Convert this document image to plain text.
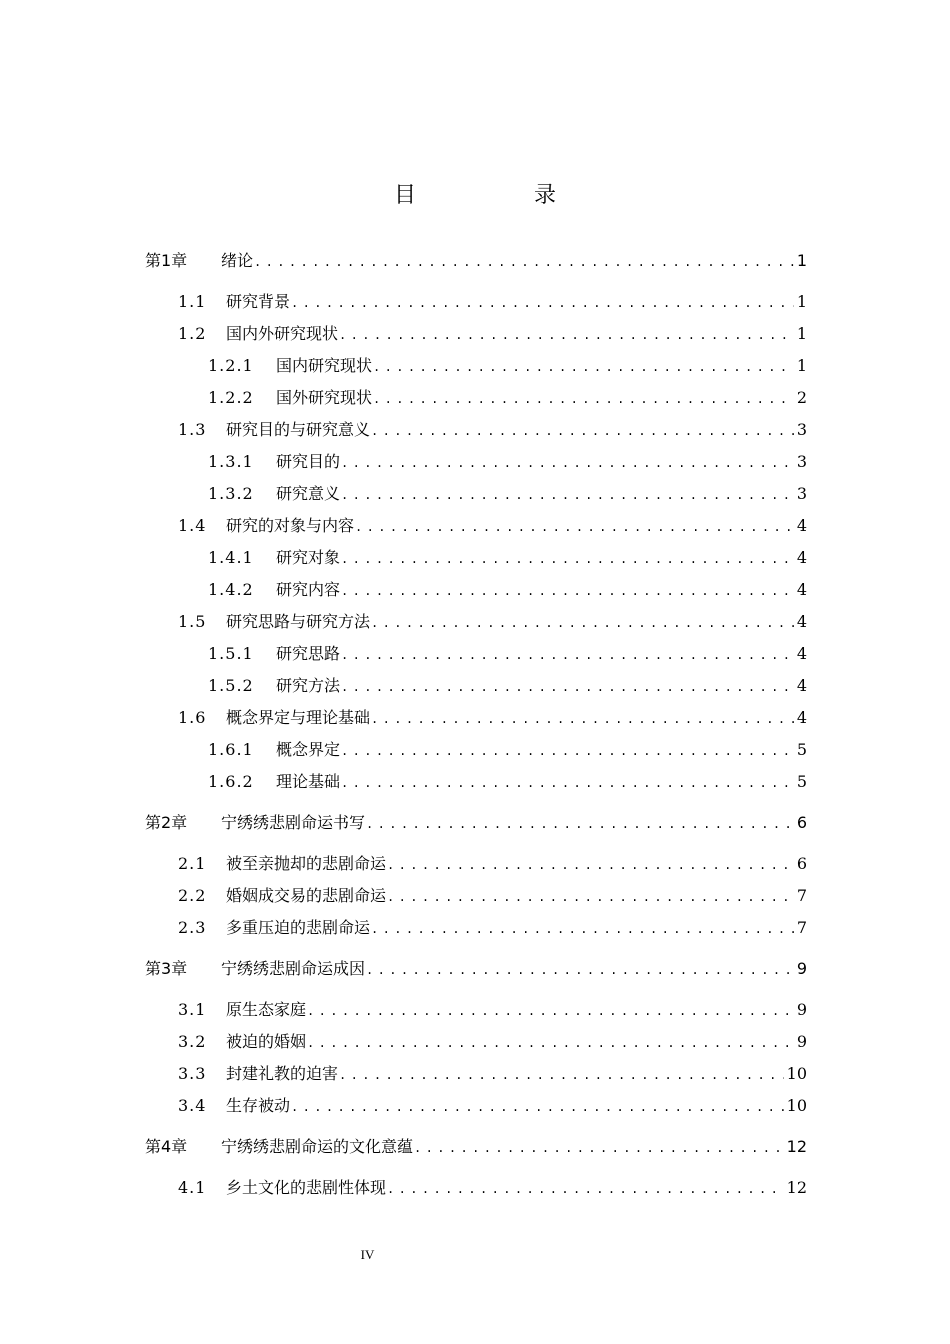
目　录
第1章	绪论 .....	1
1.1	研究背景 .....	1
1.2	国内外研究现状 .....	1
1.2.1	国内研究现状 .....	1
1.2.2	国外研究现状 .....	2
1.3	研究目的与研究意义 .....	3
1.3.1	研究目的 .....	3
1.3.2	研究意义 .....	3
1.4	研究的对象与内容 .....	4
1.4.1	研究对象 .....	4
1.4.2	研究内容 .....	4
1.5	研究思路与研究方法 .....	4
1.5.1	研究思路 .....	4
1.5.2	研究方法 .....	4
1.6	概念界定与理论基础 .....	4
1.6.1	概念界定 .....	5
1.6.2	理论基础 .....	5
第2章	宁绣绣悲剧命运书写 .....	6
2.1	被至亲抛却的悲剧命运 .....	6
2.2	婚姻成交易的悲剧命运 .....	7
2.3	多重压迫的悲剧命运 .....	7
第3章	宁绣绣悲剧命运成因 .....	9
3.1	原生态家庭 .....	9
3.2	被迫的婚姻 .....	9
3.3	封建礼教的迫害 .....	10
3.4	生存被动 .....	10
第4章	宁绣绣悲剧命运的文化意蕴 .....	12
4.1	乡土文化的悲剧性体现 .....	12
IV
